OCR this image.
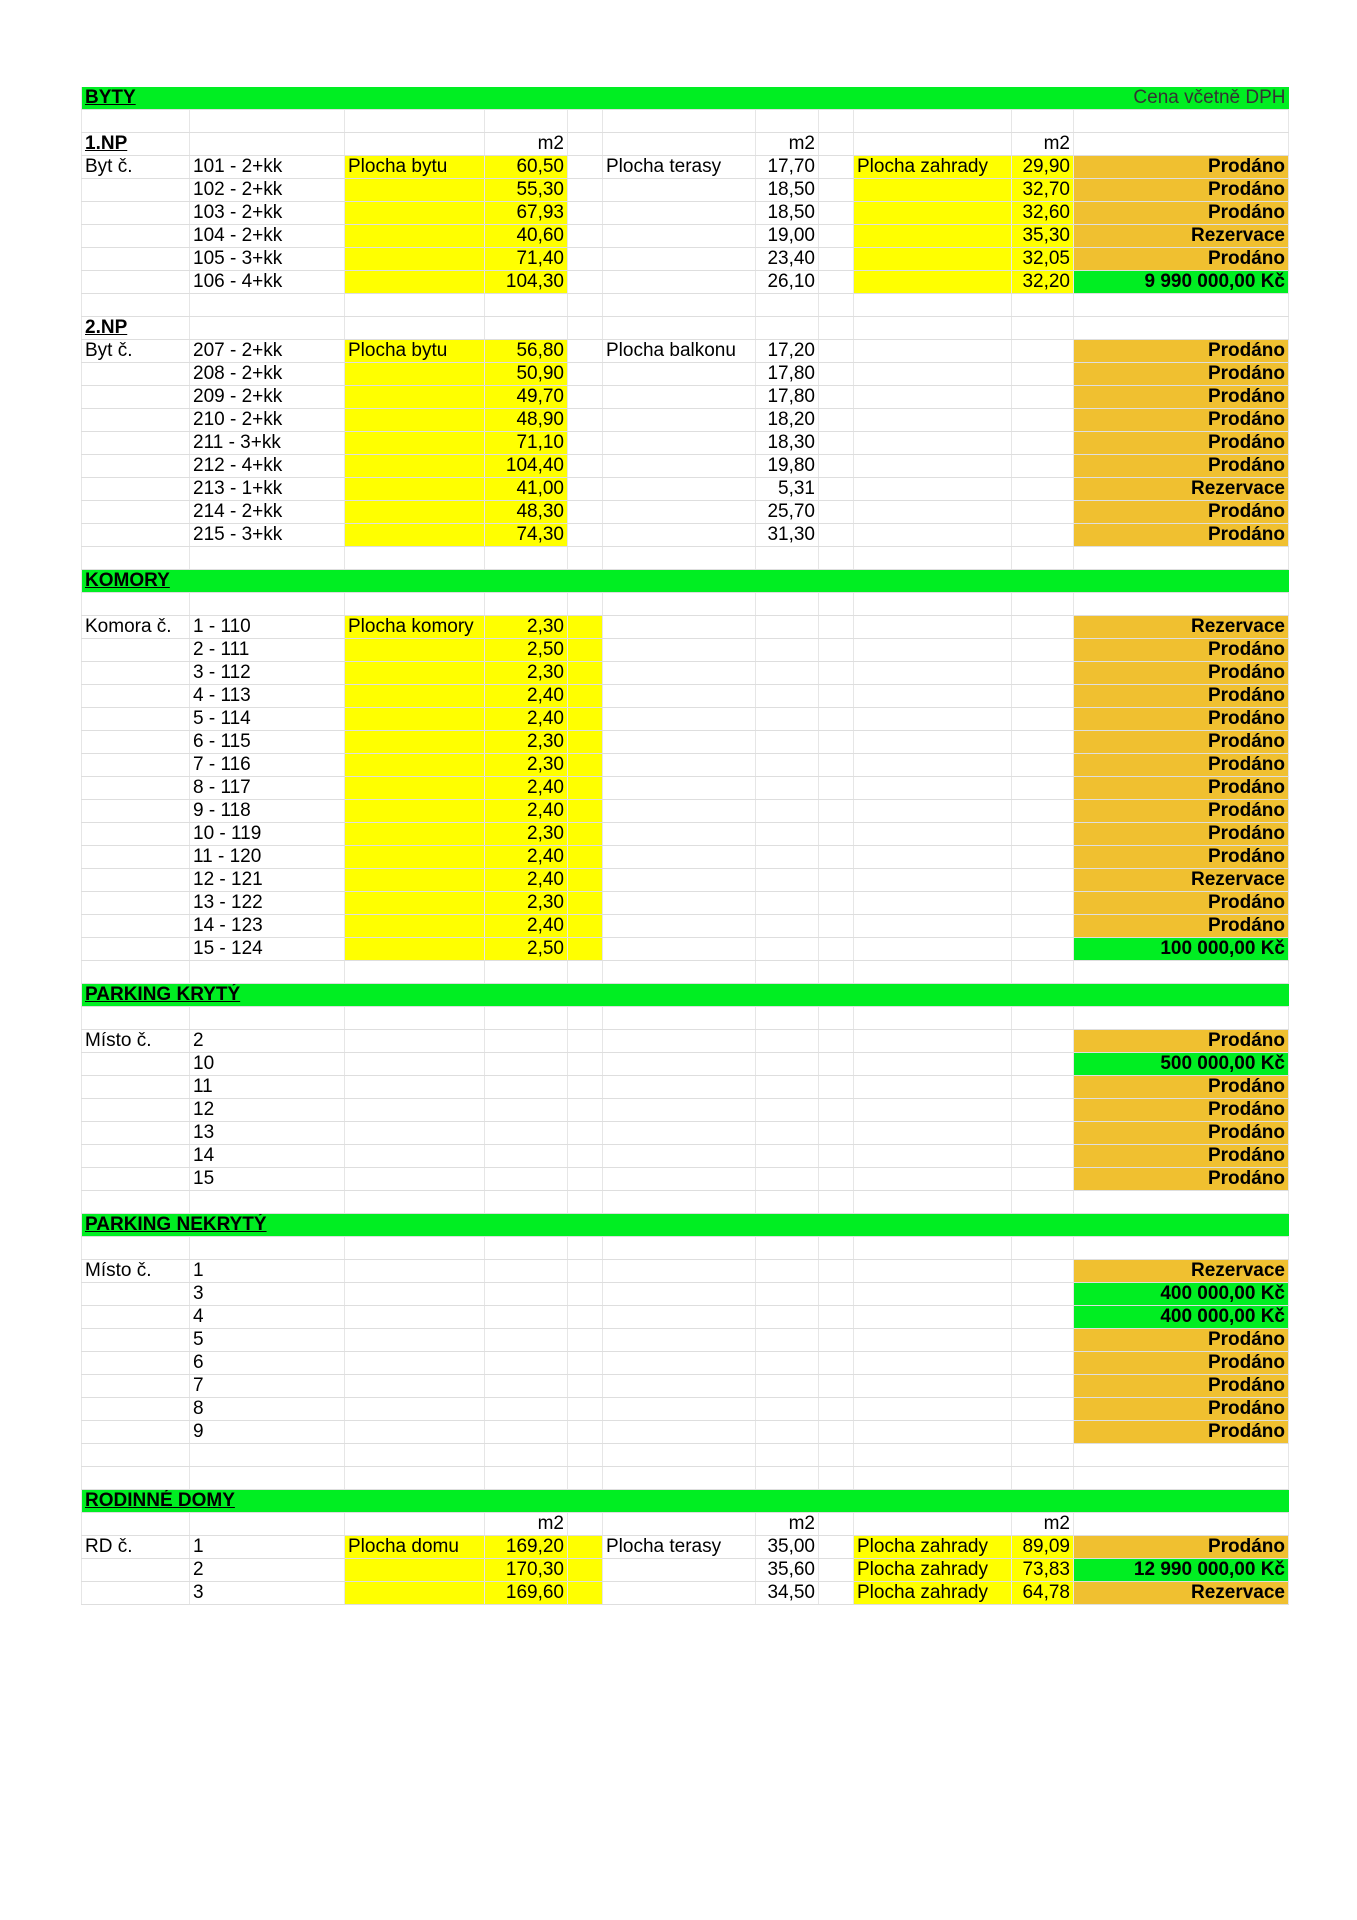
BYTY										Cena včetně DPH

1.NP			m2			m2			m2	
Byt č.	101 - 2+kk	Plocha bytu	60,50		Plocha terasy	17,70		Plocha zahrady	29,90	Prodáno
	102 - 2+kk		55,30			18,50			32,70	Prodáno
	103 - 2+kk		67,93			18,50			32,60	Prodáno
	104 - 2+kk		40,60			19,00			35,30	Rezervace
	105 - 3+kk		71,40			23,40			32,05	Prodáno
	106 - 4+kk		104,30			26,10			32,20	9 990 000,00 Kč

2.NP										
Byt č.	207 - 2+kk	Plocha bytu	56,80		Plocha balkonu	17,20				Prodáno
	208 - 2+kk		50,90			17,80				Prodáno
	209 - 2+kk		49,70			17,80				Prodáno
	210 - 2+kk		48,90			18,20				Prodáno
	211 - 3+kk		71,10			18,30				Prodáno
	212 - 4+kk		104,40			19,80				Prodáno
	213 - 1+kk		41,00			5,31				Rezervace
	214 - 2+kk		48,30			25,70				Prodáno
	215 - 3+kk		74,30			31,30				Prodáno

KOMORY										

Komora č.	1 - 110	Plocha komory	2,30							Rezervace
	2 - 111		2,50							Prodáno
	3 - 112		2,30							Prodáno
	4 - 113		2,40							Prodáno
	5 - 114		2,40							Prodáno
	6 - 115		2,30							Prodáno
	7 - 116		2,30							Prodáno
	8 - 117		2,40							Prodáno
	9 - 118		2,40							Prodáno
	10 - 119		2,30							Prodáno
	11 - 120		2,40							Prodáno
	12 - 121		2,40							Rezervace
	13 - 122		2,30							Prodáno
	14 - 123		2,40							Prodáno
	15 - 124		2,50							100 000,00 Kč

PARKING KRYTÝ										

Místo č.	2									Prodáno
	10									500 000,00 Kč
	11									Prodáno
	12									Prodáno
	13									Prodáno
	14									Prodáno
	15									Prodáno

PARKING NEKRYTÝ										

Místo č.	1									Rezervace
	3									400 000,00 Kč
	4									400 000,00 Kč
	5									Prodáno
	6									Prodáno
	7									Prodáno
	8									Prodáno
	9									Prodáno

RODINNÉ DOMY										
			m2			m2			m2	
RD č.	1	Plocha domu	169,20		Plocha terasy	35,00		Plocha zahrady	89,09	Prodáno
	2		170,30			35,60		Plocha zahrady	73,83	12 990 000,00 Kč
	3		169,60			34,50		Plocha zahrady	64,78	Rezervace
